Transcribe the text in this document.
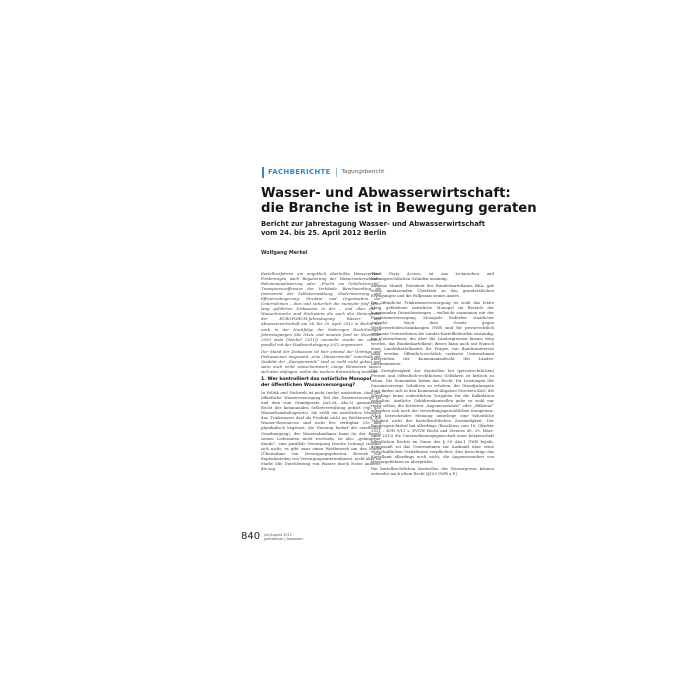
FACHBERICHTE Tagungsbericht
Wasser- und Abwasserwirtschaft:
die Branche ist in Bewegung geraten
Bericht zur Jahrestagung Wasser- und Abwasserwirtschaft
vom 24. bis 25. April 2012 Berlin
Wolfgang Merkel

Kartellverfahren um angeblich überhöhte Wasserpreise, Forderungen nach Regulierung der Wasserunternehmen, Rekommunalisierung oder „Flucht ins Gebührenrecht“, Transparenzoffensive der Verbände, Benchmarking als Instrument der Selbstverwaltung, Modernisierung und Effizienzsteigerung. Struktur und Organisation der Unternehmen – dies und sicherlich die nunmehr fünf Jahre lang geführten Diskussion in der – und über die – Wasserbranche sind Stichworte die auch den Hintergrund der EUROFORUM-Jahrestagung Wasser- und Abwasserwirtschaft am 24. bis 25. April 2012 in Berlin, bei nach in der Nachfolge der bisherigen Hochrhönigen Jahrestagungen (die letzte und neueste fand im November 2010 statt [Merkel 2011]) nunmehr wurde sie zeitlich parallel mit der Stadtwerketagung 2012 organisiert.

Der Stand der Diskussion ist hier anhand der Vorträge und Diskussionen insgesamt „eine „Wasserwende“ innerhalb der Qualität der „Energiewende“ sind es wohl nicht geben und wäre auch nicht wünschenswert; einige Hinweisen lassen sich aber dafingen, wohin die weitere Entwicklung tendiert.

1. Wer kontrolliert das natürliche Monopol
der öffentlichen Wasserversorgung?

In Politik und Fachwelt ist nicht (mehr) umstritten, dass der öffentliche Wasserversorgung Teil der Daseinsvorsorge ist und dem vom Grundgesetz (Art.28, Abs.2) garantierten Recht der kommunalen Selbstverwaltung gehört (vgl. §50 Wasserhaushaltsgesetz). Sie stellt ein natürliches Monopol dar. Trinkwasser darf als Produkt nicht im Wettbewerb, die Wasser-Ressourcen sind nicht frei verfügbar (Ge und physikalisch begrenzt, die Nutzung bedarf der staatlichen Genehmigung), der Wasserabnehmer kann (in der Regel) seinen Lieferanten nicht wechseln, ist also „gefangener Kunde“, eine parallele Versorgung (zweite Leitung) rechnet sich nicht; es gibt zwar einen Wettbewerb um den Markt (Übernahme von Versorgungsgebieten, Erwerb von Kapitalanteilen von Versorgungsunternehmen), nicht aber im Markt (die Durchleitung von Wasser durch Netze anderer, die sog.

Third Party Access, ist aus technischen und haftungsrechtlichen Gründen unsinnig.

Andreas Mundt, Präsident des Bundeskartellamts BKA, gab einen umfassenden Überblick zu den grundsätzlichen Erwägungen und die Fallpraxis seines Amtes.

Die öffentliche Trinkwasserversorgung ist wohl das letzte übrig gebliebene natürliche Monopol im Bereich der kommunalen Dienstleistungen – vielleicht zusammen mit der Fernwärmeversorgung. Monopole bedürfen staatlicher Aufsicht. Nach dem Gesetz gegen Wettbewerbsbeschränkungen GWB sind für privatrechtlich verfasste Unternehmen die Landes-Kartellbehörden zuständig, bei Unternehmen, die über die Ländergrenzen hinaus tätig werden, das Bundeskartellamt; dieses kann auch auf Wunsch einer Landeskartellamtes Ihr Fragen von Bundesinteresse tätig werden. Öffentlich-rechtlich verfasste Unternehmen unterstehen der Kommunalaufsicht des Landes-Innenministers.

Die Zweigleisigkeit der Kontrollen bei (privatrechtlichen) Preisen und (öffentlich-rechtlichen) Gebühren ist kritisch zu sehen. Die Gemeinden haben das Recht, für Leistungen der Daseinsvorsorge Gebühren zu erheben, die Grundprinzipien dazu finden sich in den Kommunal-Abgaben-Gesetzen KAG, die allerdings keine einheitlichen Vorgaben für die Kalkulation enthalten. Amtliche Gebührenkontrollen gebe es wohl nur recht selten; die Kriterien „Angemessenheit“ oder „Effizienz“ entziehen sich auch der verwaltungsgerichtlichen Kompetenz. Nach herrschender Meinung unterliege eine hoheitliche Tätigkeit nicht der kartellrechtlichen Zuständigkeit. Der Bundesgerichtshof hat allerdings (Beschluss vom 18. Oktober 2011 – KVR 9/11 s. DVGW Recht und Steuern 49, 29. März-April 2012) die Unternehmensgegenschaft einer Körperschaft öffentlichen Rechts im Sinne des § 59 Abs.1 GWB bejaht, demgemäß sei das Unternehmen zur Auskunft über seine wirtschaftlichen Verhältnisse verpflichtet; dies berechtige das Kartellamt allerdings noch nicht, die Angemessenheit von Wassergebühren zu überprüfen.

Die kartellrechtlichen Kontrollen der Wasserpreise können entweder nach altem Recht (§103 GWB a.F.)

840 Juli/August 2012
gwf-Wasser | Abwasser
